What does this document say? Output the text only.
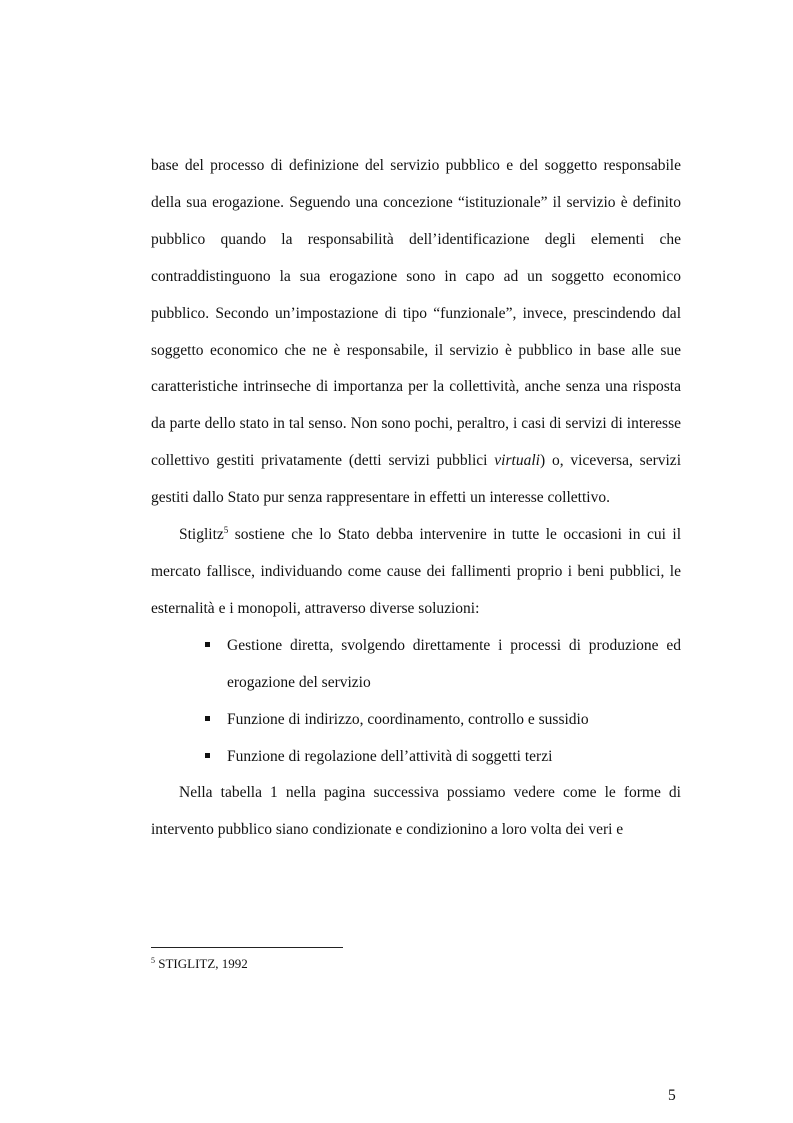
base del processo di definizione del servizio pubblico e del soggetto responsabile della sua erogazione. Seguendo una concezione “istituzionale” il servizio è definito pubblico quando la responsabilità dell’identificazione degli elementi che contraddistinguono la sua erogazione sono in capo ad un soggetto economico pubblico. Secondo un’impostazione di tipo “funzionale”, invece, prescindendo dal soggetto economico che ne è responsabile, il servizio è pubblico in base alle sue caratteristiche intrinseche di importanza per la collettività, anche senza una risposta da parte dello stato in tal senso. Non sono pochi, peraltro, i casi di servizi di interesse collettivo gestiti privatamente (detti servizi pubblici virtuali) o, viceversa, servizi gestiti dallo Stato pur senza rappresentare in effetti un interesse collettivo.

Stiglitz$^5$ sostiene che lo Stato debba intervenire in tutte le occasioni in cui il mercato fallisce, individuando come cause dei fallimenti proprio i beni pubblici, le esternalità e i monopoli, attraverso diverse soluzioni:

Gestione diretta, svolgendo direttamente i processi di produzione ed erogazione del servizio
Funzione di indirizzo, coordinamento, controllo e sussidio
Funzione di regolazione dell’attività di soggetti terzi

Nella tabella 1 nella pagina successiva possiamo vedere come le forme di intervento pubblico siano condizionate e condizionino a loro volta dei veri e

$^5$ STIGLITZ, 1992
5
